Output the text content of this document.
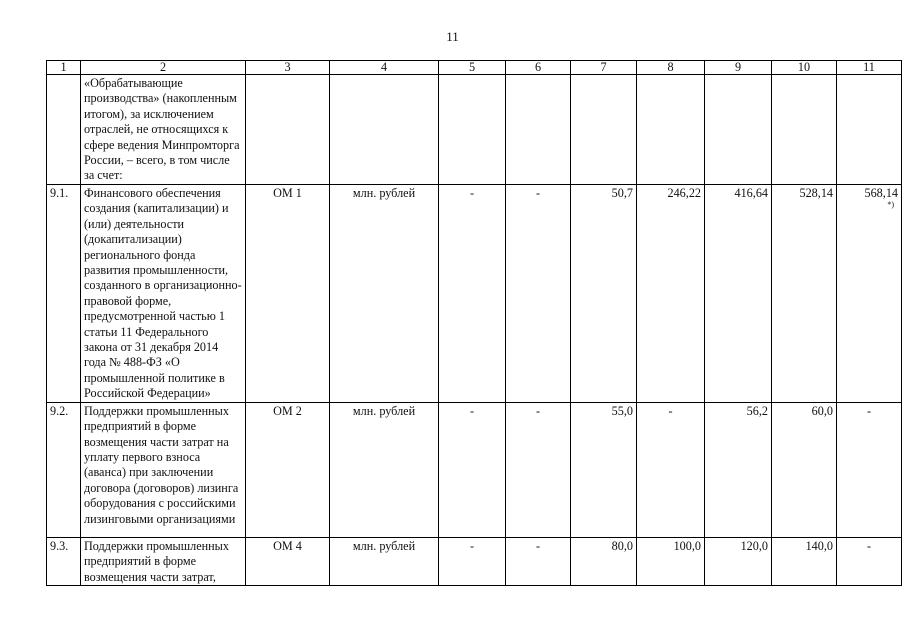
11
1	2	3	4	5	6	7	8	9	10	11
	«Обрабатывающие производства» (накопленным итогом), за исключением отраслей, не относящихся к сфере ведения Минпромторга России, – всего, в том числе за счет:									

9.1.	Финансового обеспечения создания (капитализации) и (или) деятельности (докапитализации) регионального фонда развития промышленности, созданного в организационно-правовой форме, предусмотренной частью 1 статьи 11 Федерального закона от 31 декабря 2014 года № 488-ФЗ «О промышленной политике в Российской Федерации»	ОМ 1	млн. рублей	-	-	50,7	246,22	416,64	528,14	568,14
*)

9.2.	Поддержки промышленных предприятий в форме возмещения части затрат на уплату первого взноса (аванса) при заключении договора (договоров) лизинга оборудования с российскими лизинговыми организациями	ОМ 2	млн. рублей	-	-	55,0	-	56,2	60,0	-
9.3.	Поддержки промышленных предприятий в форме возмещения части затрат,	ОМ 4	млн. рублей	-	-	80,0	100,0	120,0	140,0	-
